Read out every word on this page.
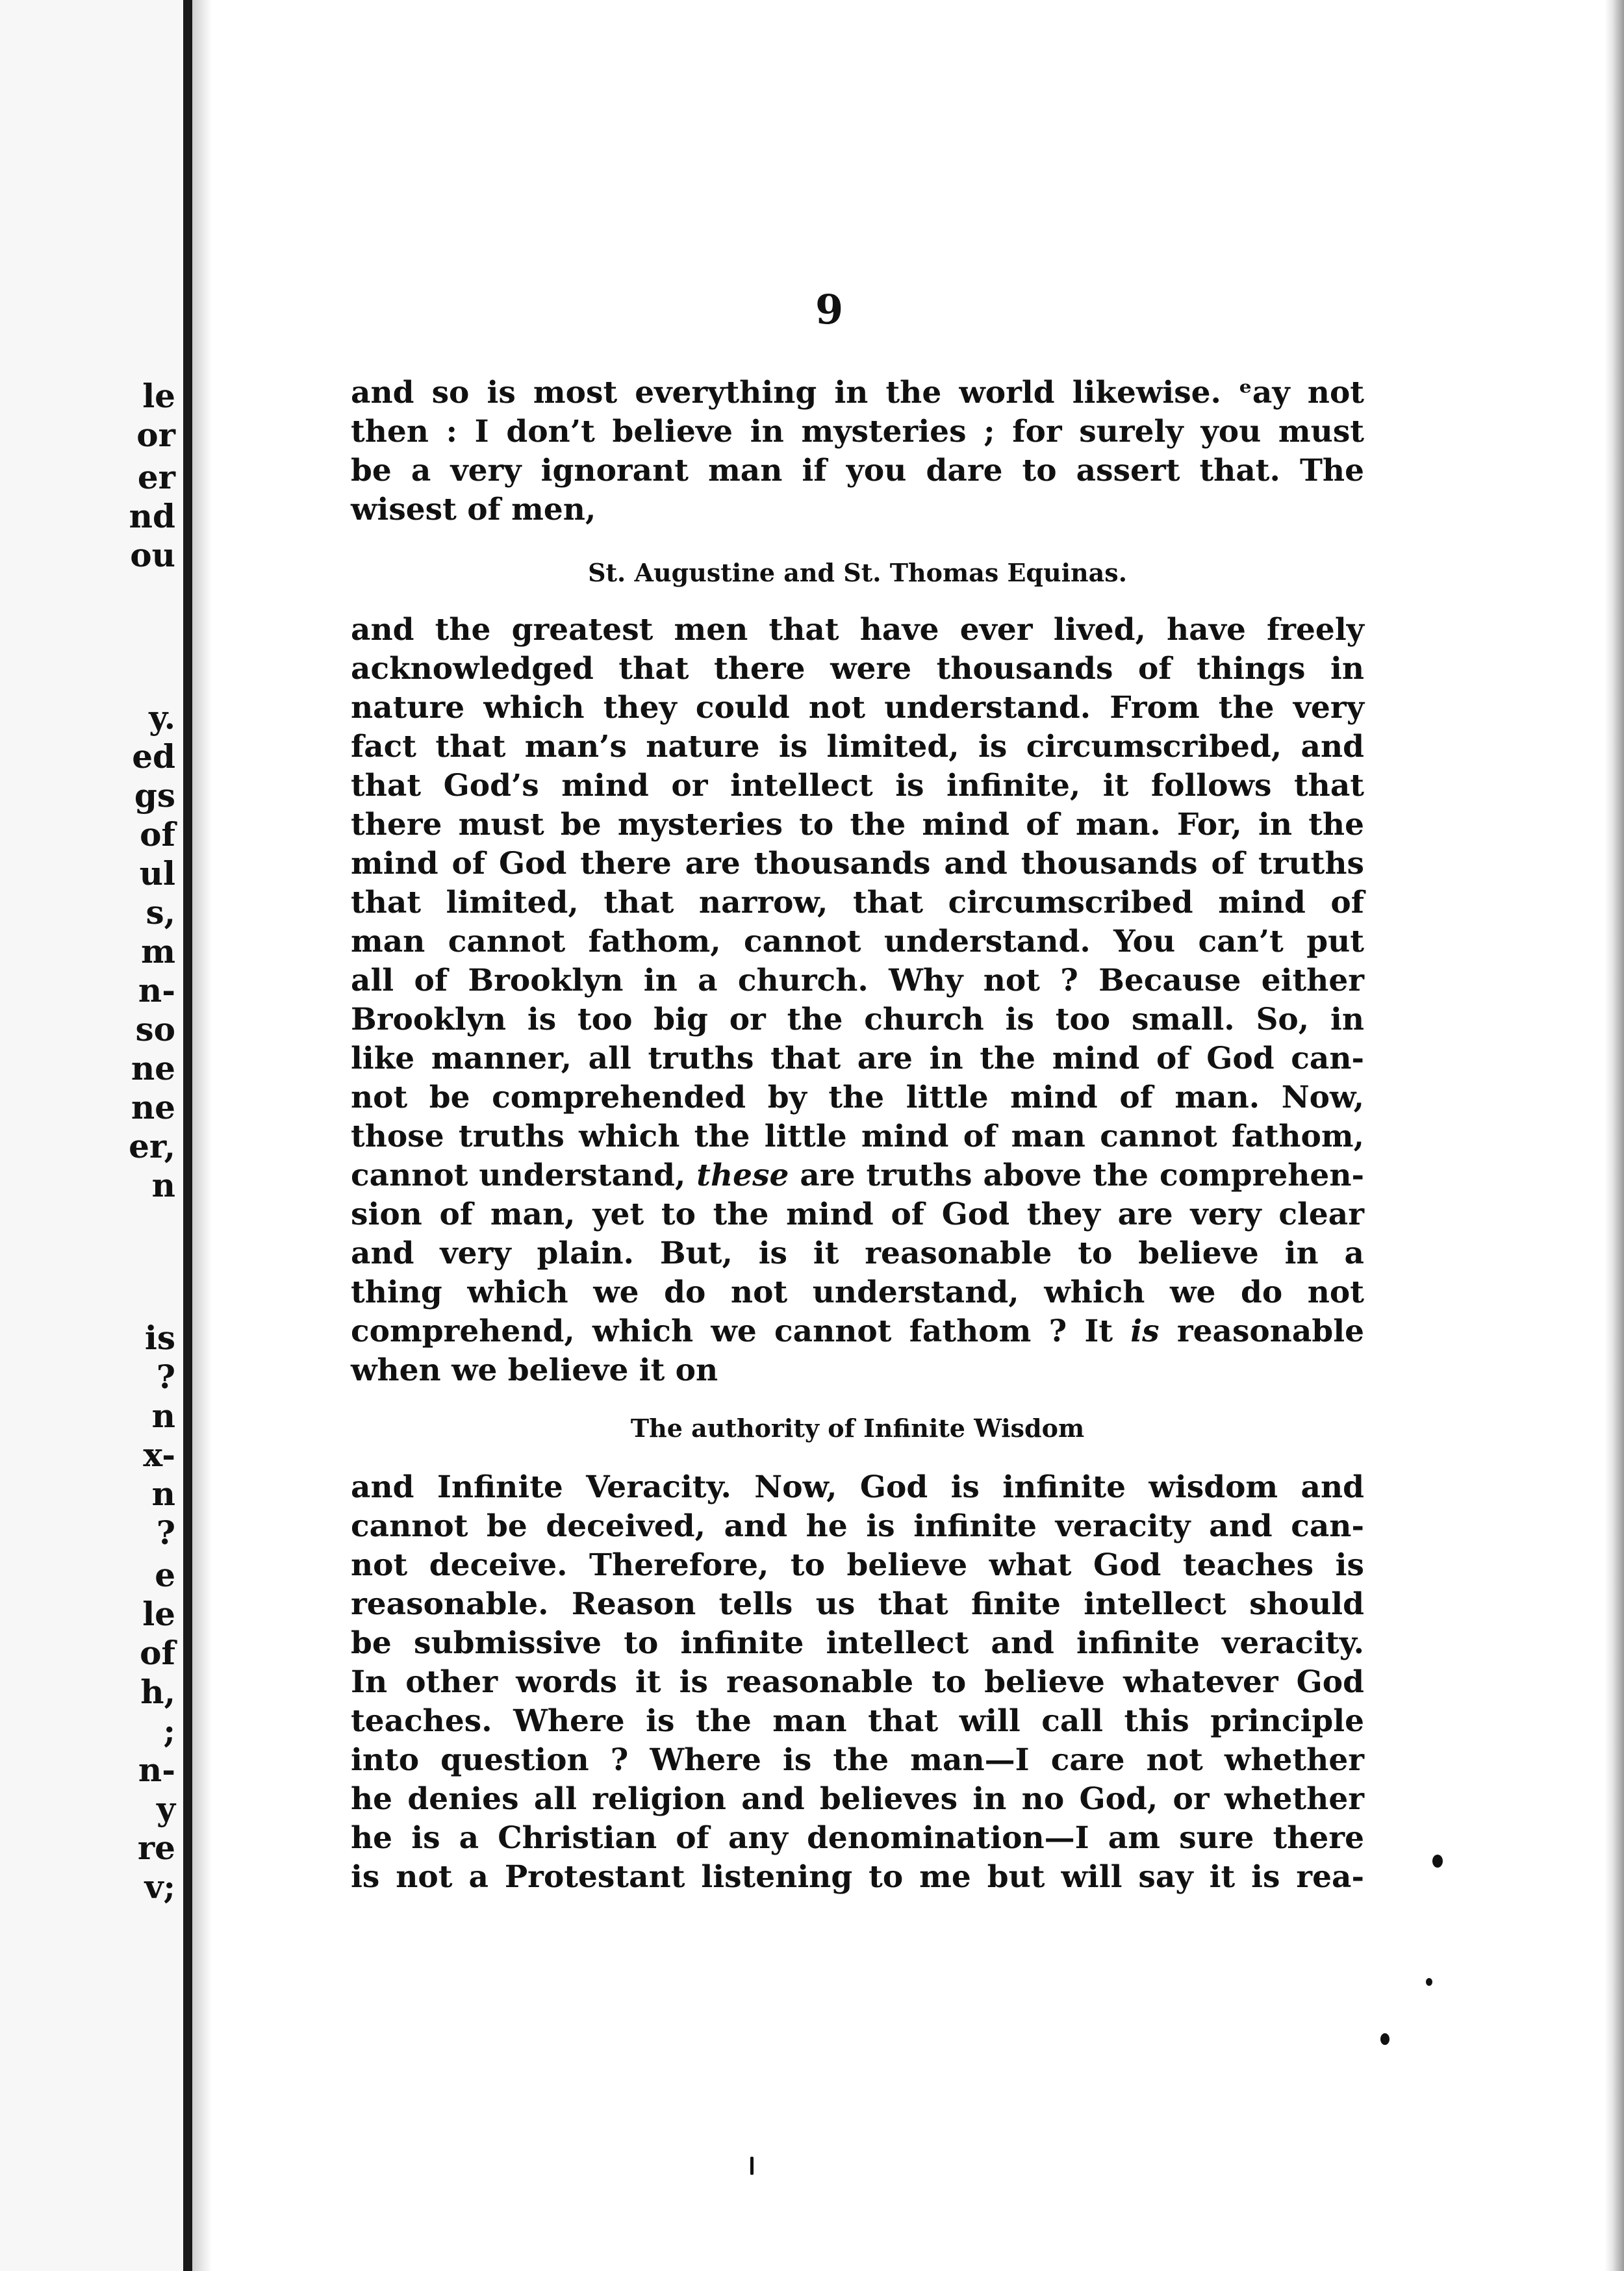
le
or
er
nd
ou
y.
ed
gs
of
ul
s,
m
n-
so
ne
ne
er,
n
is
?
n
x-
n
?
e
le
of
h,
;
n-
y
re
v;
9
and so is most everything in the world likewise. ᵉay not
then : I don’t believe in mysteries ; for surely you must
be a very ignorant man if you dare to assert that. The
wisest of men,
St. Augustine and St. Thomas Equinas.
and the greatest men that have ever lived, have freely
acknowledged that there were thousands of things in
nature which they could not understand. From the very
fact that man’s nature is limited, is circumscribed, and
that God’s mind or intellect is infinite, it follows that
there must be mysteries to the mind of man. For, in the
mind of God there are thousands and thousands of truths
that limited, that narrow, that circumscribed mind of
man cannot fathom, cannot understand. You can’t put
all of Brooklyn in a church. Why not ? Because either
Brooklyn is too big or the church is too small. So, in
like manner, all truths that are in the mind of God can-
not be comprehended by the little mind of man. Now,
those truths which the little mind of man cannot fathom,
cannot understand, these are truths above the comprehen-
sion of man, yet to the mind of God they are very clear
and very plain. But, is it reasonable to believe in a
thing which we do not understand, which we do not
comprehend, which we cannot fathom ? It is reasonable
when we believe it on
The authority of Infinite Wisdom
and Infinite Veracity. Now, God is infinite wisdom and
cannot be deceived, and he is infinite veracity and can-
not deceive. Therefore, to believe what God teaches is
reasonable. Reason tells us that finite intellect should
be submissive to infinite intellect and infinite veracity.
In other words it is reasonable to believe whatever God
teaches. Where is the man that will call this principle
into question ? Where is the man—I care not whether
he denies all religion and believes in no God, or whether
he is a Christian of any denomination—I am sure there
is not a Protestant listening to me but will say it is rea-
